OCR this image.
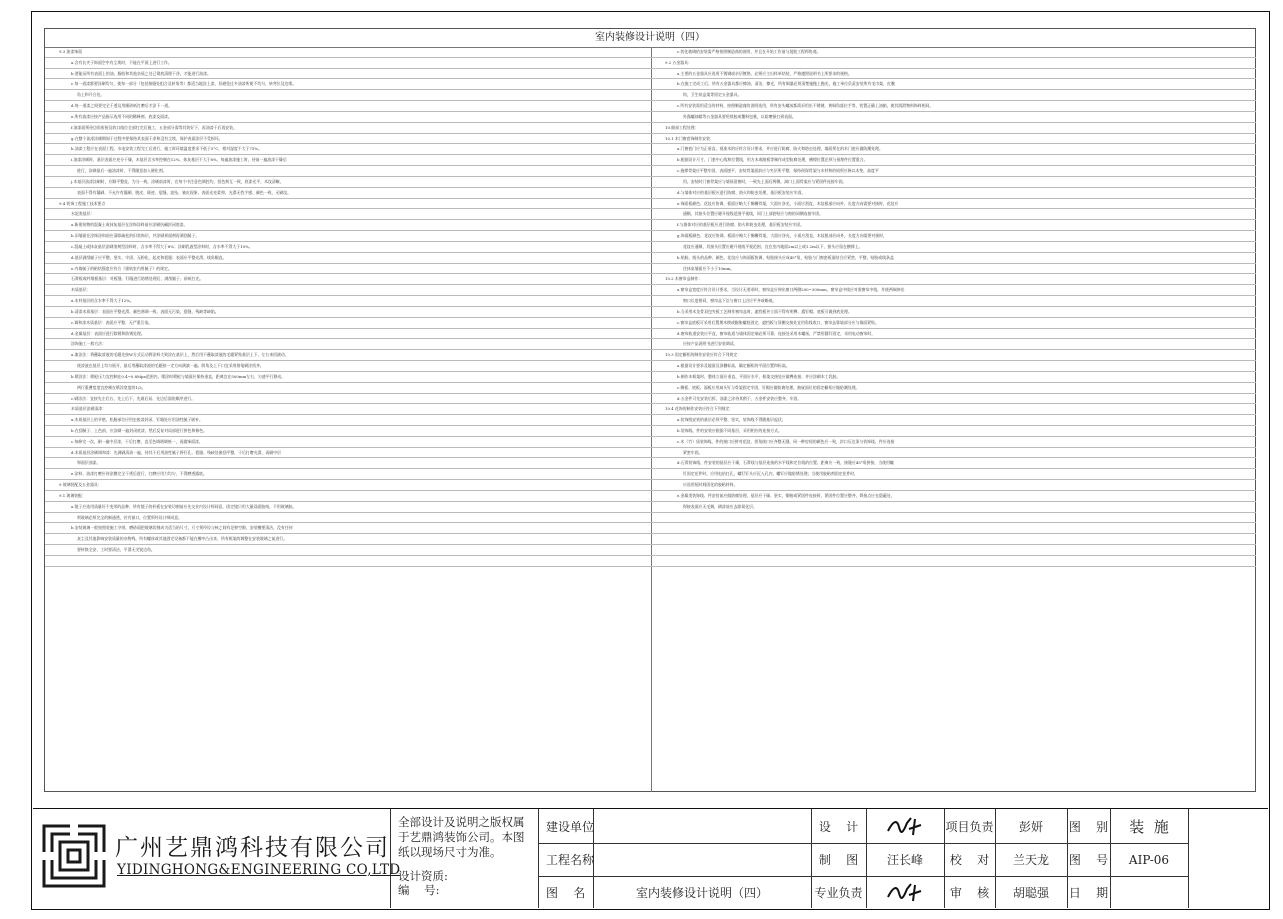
室内装修设计说明（四）
9.3 油漆饰面
a.含有长夹于饰面空中有尘埃时，不能在平面上进行工作。
b.要能证所有表面上的油、脂肪和其他杂质之处已彻底清理干净，才能进行油漆。
c.每一道漆都要涂刷均匀，使每一部分（包括接缝处组合及转角等）都适当地涂上漆，但避免过多油漆所使不均匀，转弯位及边缘。
角上和开合处。
d.每一道漆之间要完全干透及用细砂纸打磨后才涂下一道。
e.所有油漆应按产品指示选用不同的稀释剂、底漆及面漆。
f.油漆面须待边角衔接及收口线位全部打完后施工，五金部分需等其装好下，再油漆干后再安装。
g.在整个油漆涂刷期间于过程中要保持其表面干净和没有尘埃，保护表面涂层不受损坏。
h.油漆工程应在表面工程、水电安装工程完工后进行，施工时环境温度要求不低于5°C，相对湿度不大于75%。
i.油漆涂刷时，基层表面应充分干燥，木基层含水率控制在12%，抹灰基层不大于8%，每遍油漆施工时，待前一遍油漆干燥后
进行，涂刷最后一遍油漆时，不得随意加入催化剂。
j.木基层油漆涂刷时，应顺平整直，为分一致，涂刷前漆时，在每个中注意色调控均，招色剂互一致，底漆光平，木纹清晰，
表面不得有漏刷、不允许有漏刷、脱皮、斑迹、裂缝、流坠、皱皮现象，表面光亮柔和，光滑无挡手感、颜色一致、无刷纹。
9.4 装饰工程施工技术要点
水泥类基层：
a.新建筑物的混凝土或抹灰基层在涂饰涂料前应涂刷抗碱封闭底漆。
b.旧墙面在涂饰涂料前应清除疏松的旧装饰层，并涂刷界面剂再满刮腻子。
c.混凝土或抹灰基层涂刷溶剂型涂料时，含水率不得大于8%；涂刷乳液型涂料时，含水率不得大于10%。
d.基层满刮腻子应平整、坚实、牢固、无粉化、起皮和裂缝；表面应平整光滑、线角顺直。
e.内墙腻子的粘结强度应符合《建筑室内用腻子》的规定。
石膏板或纤维板基层：对板缝、钉眼进行防锈处理后，满刮腻子、砂纸打光。
木质基层：
a.木材基层的含水率不得大于12%。
b.清漆木质基层：表面应平整光滑、颜色谐调一致、表面无污染、裂缝、残缺等缺陷。
c.调和漆木质基层：表面应平整、无严重污染。
d.金属基层：表面应进行除锈和防锈处理。
涂饰施工一般方法：
a.滚涂法：将蘸取漆液的毛辊先按W方式运动将涂料大致涂在基层上，然后用不蘸取漆液的毛辊紧贴基层上下、左右来回滚动，
使漆液在基层上均匀展开，最后用蘸取漆液的毛辊按一定方向满滚一遍。阴角及上下口宜采用排笔刷涂找齐。
b.喷涂法：喷枪压力宜控制在0.4~0.8Mpa范围内，喷涂时喷枪与墙面应保持垂直，距离宜在500mm左右，匀速平行移动。
两行重叠宽度宜控制在喷涂宽度的1/3。
c.刷涂法：宜按先左后右、先上后下、先难后易、先边后面的顺序进行。
木质基层涂刷清漆：
a.木质基层上的节疤、松脂部位应用虫胶漆封闭，钉眼处应用油性腻子嵌补。
b.在刮腻子、上色前，应涂刷一遍封闭底漆，然后反复对局部进行拼色和修色。
c.每修完一次，刷一遍中层漆，干后打磨，直至色调谐调统一，再做饰面漆。
d.木质基层涂刷调和漆：先满刷清油一遍，待其干后用油性腻子将钉孔、裂缝、残缺处嵌刮平整，干后打磨光滑，再刷中层
和面层油漆。
e.涂料、油漆打磨应待涂膜完全干透后进行，打磨应用力均匀，不得磨透露底。
9 玻璃装配及五金器具：
9.1 玻璃装配：
a.镜子应选用质量好不变形的品种，所有镜子的杆板在安装切割前应先交业内设计师同意，固定镜只用大量双面胶纸，不用玻璃胶。
须玻璃必须完全的断通透，若有损口，位置须经设计师同意。
b.安装玻璃一般按照装施工守则，磨砂面把玻璃切割成为适当的尺寸，尺寸须经设与核之间有足够空隙，安装槽要清洁，没有任何
灰尘及其他影响安装质量的杂物残，所有螺丝或其他固定设备都不能在槽中凸出来，所有框架的调整在安装玻璃之前进行。
要转换全安，工时要清洁，平滑无尖锐边角。
c.装化玻璃的安装需严格按照制造商的说明，并且在开始工作前与批批工程师协商。
9.2 五金器具：
a.主要的五金器具应选用不锈钢或亲层镀铬，必须应主出样单结装，严格遵照说明书上所要求的规格。
b.在施工完成工后，所有五金器具都应擦油，清洁，擦光，所有铜器必须清楚施抛上抛光，施工单位负责安装所有毛巾架，皮膜
钩，卫生纸盒架等固定五金器具。
c.所有安装需用适当的材料，按照制造商的说明选用，所有安头螺丝都需采用出不锈钢，黄铜角落拉手等，装置正确上油箱，使其润滑物料饰料相同。
外露螺丝帽等五金器具要用锁胶或覆料包裹，以防磨损打到表面。
10.细部工程处理：
10.1 木门窗套饰制作安装：
a.门窗套门应为正垂直，视准木的应符合设计要求，并应进行防腐、防火和防虫处理，墙面须在的木门套应做防潮处理。
b.根据设计尺寸，门套中心线和位置线，用方木或踏板等制作成型防腐处理，横撑位置必须与预埋件位置重合。
c.施撑骨架应平整牢固，表面刨平，安装骨架面前应与夹层所平整，保持预保骨架与木材和的间须应修以木垫，高度平
用。安装时门窗骨架应与墙预留窗时，一致先上面后两侧。洞口上面骨架应与紧固件连接牢固。
d.与墙体对应的基层板应进行防腐、防火和防虫处理，基层板安装应牢固。
e.饰面板颜色、花纹应协调，板面应略大于搁栅骨架，大面应净光，小面应刮直，木纹根部应向外，长度方向需要对接时，花纹应
通顺，其接头位置应避开视线范围平视线，同门上部套贴应与窗的同侧连接牢固。
f.与墙体对应的基层板应进行防腐、防火和防虫处理，基层板安装应牢固。
g.饰面板颜色、花纹应协调，板面应略大于搁栅骨架，大面应净光，小面应刮直，木纹根部应向外，长度方向需要对接时，
花纹应通顺，其接头位置应避开视线平视范围，宜在室内地面2m以上或1.2m以下，接头应留在横撑上。
h.贴脸、线头的品种、颜色、花纹应与饰面板协调，贴脸接头应成45°角，贴脸与门窗套板面结合应紧密、平整，贴脸或线条盖
住抹灰墙面应不小于10mm。
10.2 木窗帘盒制作：
a.窗帘盒宽度应符合设计要求，当设计无要求时，窗帘盒应伸出窗口两侧200~300mm，窗帘盒中线应对准窗帘中线，并使两端伸出
窗口长度相同，窗帘盒下沿与窗口上沿应平齐或略低。
b.当采用木龙骨双包夹板工艺制作窗帘盒时，遮挡板外立面不得有明榫、露钉帽，底板可做到底处理。
c.窗帘盒底板可采用后置埋木楔或膨胀螺栓固定，遮挡板与顶棚交接处宜用角线收口，窗帘盒靠墙部分应与墙面紧贴。
d.窗帘轨道安装应平直，窗帘轨道与墙体固定端必须可靠，连接处采用木螺丝，严禁用圆钉固定，采用电动窗帘时，
应按产品说明书进行安装调试。
10.3 固定橱柜的制作安装应符合下列规定：
a.根据设计要求及地面及顶棚标高，确定橱柜的平面位置和标高。
b.制作木框架时，整体立面应垂直、平面应水平，框架交接处应做榫连接，并应涂刷木工乳胶。
c.侧板、底板、面板应用扁头钉与骨架固定牢固，钉帽应做防腐处理，抽屉面位的固定橱柜应做防潮处理。
d.五金件可先安装后拆，油漆之涂待其稍干，五金件安装应整齐、牢固。
10.4 花饰的制作安装应符合下列规定：
a.装饰线安装的基层必须平整、坚实，装饰线不得随基层起伏。
b.装饰线、件的安装应根据不同基层，采用相应的连接方式。
c.木（竹）质装饰线、件的接口应拼对花纹，拐角接口应齐整无缝，同一种房间的颜色应一致，封口压边条与装饰线、件应连接
紧密牢固。
d.石膏装饰线、件安装的基层应干燥，石膏线与基层连接的水平线和定位线的位置、距离应一致，接缝应45°角拼接，当使用螺
钉固定花件时，应用电钻打孔，螺钉钉头应沉入孔内，螺钉应做防锈处理；当使用胶粘剂固定花件时，
应选用短时间固化的胶粘材料。
e.金属类装饰线、件安装前应做防腐处理，基层应干燥、坚实，铆接或紧固件连接时，紧固件位置应整齐，焊接点应在隐蔽处，
焊接表面应无毛刺，刷漆前应去除氧化层。
广州艺鼎鸿科技有限公司
YIDINGHONG&ENGINEERING CO,LTD
全部设计及说明之版权属于艺鼎鸿装饰公司。本图纸以现场尺寸为准。
设计资质:
编    号:
建设单位
工程名称
图    名	室内装修设计说明（四）
设    计
制    图
专业负责
汪长峰
项目负责
校    对
审    核
彭妍
兰天龙
胡聪强
图    别
图    号
日    期
装  施
AIP-06
